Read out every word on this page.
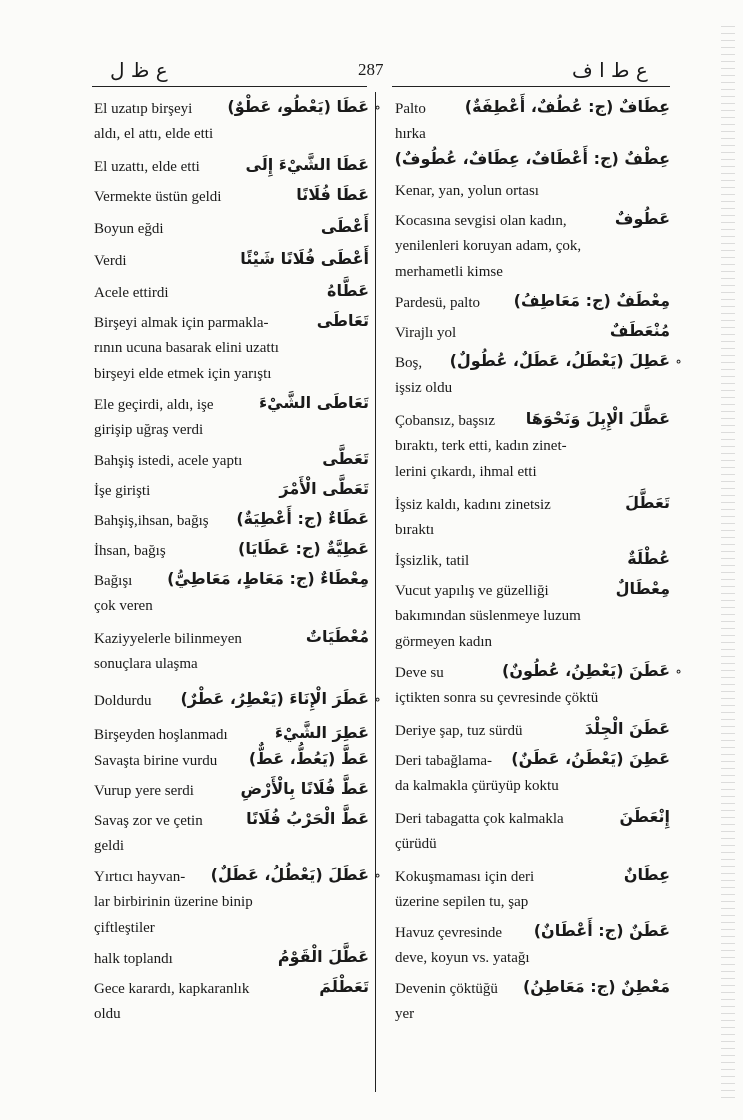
ع ظ ل	287	ع ط ا ف
El uzatıp birşeyi عَطَا (يَعْطُو، عَطْوٌ) ∘
aldı, el attı, elde etti
El uzattı, elde etti	عَطَا الشَّيْءَ إِلَى
Vermekte üstün geldi	عَطَا فُلَانًا
Boyun eğdi	أَعْطَى
Verdi	أَعْطَى فُلَانًا شَيْئًا
Acele ettirdi	عَطَّاهُ
Birşeyi almak için parmakla-	تَعَاطَى
rının ucuna basarak elini uzattı
birşeyi elde etmek için yarıştı
Ele geçirdi, aldı, işe	تَعَاطَى الشَّيْءَ
girişip uğraş verdi
Bahşiş istedi, acele yaptı	تَعَطَّى
İşe girişti	تَعَطَّى الْأَمْرَ
Bahşiş,ihsan, bağış عَطَاءٌ (ج: أَعْطِيَةٌ)
İhsan, bağış	عَطِيَّةٌ (ج: عَطَايَا)
Bağışı مِعْطَاءٌ (ج: مَعَاطٍ، مَعَاطِيُّ)
çok veren
Kaziyyelerle bilinmeyen	مُعْطَيَاتٌ
sonuçlara ulaşma
Doldurdu عَطَرَ الْإِنَاءَ (يَعْطِرُ، عَطْرٌ) ∘
Birşeyden hoşlanmadı	عَطِرَ الشَّيْءَ
Savaşta birine vurdu عَطَّ (يَعُطُّ، عَطٌّ)
Vurup yere serdi	عَطَّ فُلَانًا بِالْأَرْضِ
Savaş zor ve çetin	عَطَّ الْحَرْبُ فُلَانًا
geldi
Yırtıcı hayvan- عَطَلَ (يَعْطُلُ، عَطَلٌ) ∘
lar birbirinin üzerine binip
çiftleştiler
halk toplandı	عَطَّلَ الْقَوْمُ
Gece karardı, kapkaranlık	تَعَطْلَمَ
oldu
Palto عِطَافٌ (ج: عُطُفٌ، أَعْطِفَةٌ)
hırka
عِطْفٌ (ج: أَعْطَافٌ، عِطَافٌ، عُطُوفٌ)
Kenar, yan, yolun ortası
Kocasına sevgisi olan kadın,	عَطُوفٌ
yenilenleri koruyan adam, çok,
merhametli kimse
Pardesü, palto مِعْطَفٌ (ج: مَعَاطِفُ)
Virajlı yol	مُنْعَطَفٌ
Boş, عَطِلَ (يَعْطَلُ، عَطَلٌ، عُطُولٌ) ∘
işsiz oldu
Çobansız, başsız عَطَّلَ الْإِبِلَ وَنَحْوَهَا
bıraktı, terk etti, kadın zinet-
lerini çıkardı, ihmal etti
İşsiz kaldı, kadını zinetsiz	تَعَطَّلَ
bıraktı
İşsizlik, tatil	عُطْلَةٌ
Vucut yapılış ve güzelliği	مِعْطَالٌ
bakımından süslenmeye luzum
görmeyen kadın
Deve su	عَطَنَ (يَعْطِنُ، عُطُونٌ) ∘
içtikten sonra su çevresinde çöktü
Deriye şap, tuz sürdü	عَطَنَ الْجِلْدَ
Deri tabağlama- عَطِنَ (يَعْطَنُ، عَطَنٌ)
da kalmakla çürüyüp koktu
Deri tabagatta çok kalmakla	إِنْعَطَنَ
çürüdü
Kokuşmaması için deri	عِطَانٌ
üzerine sepilen tu, şap
Havuz çevresinde عَطَنٌ (ج: أَعْطَانٌ)
deve, koyun vs. yatağı
Devenin çöktüğü مَعْطِنٌ (ج: مَعَاطِنُ)
yer
